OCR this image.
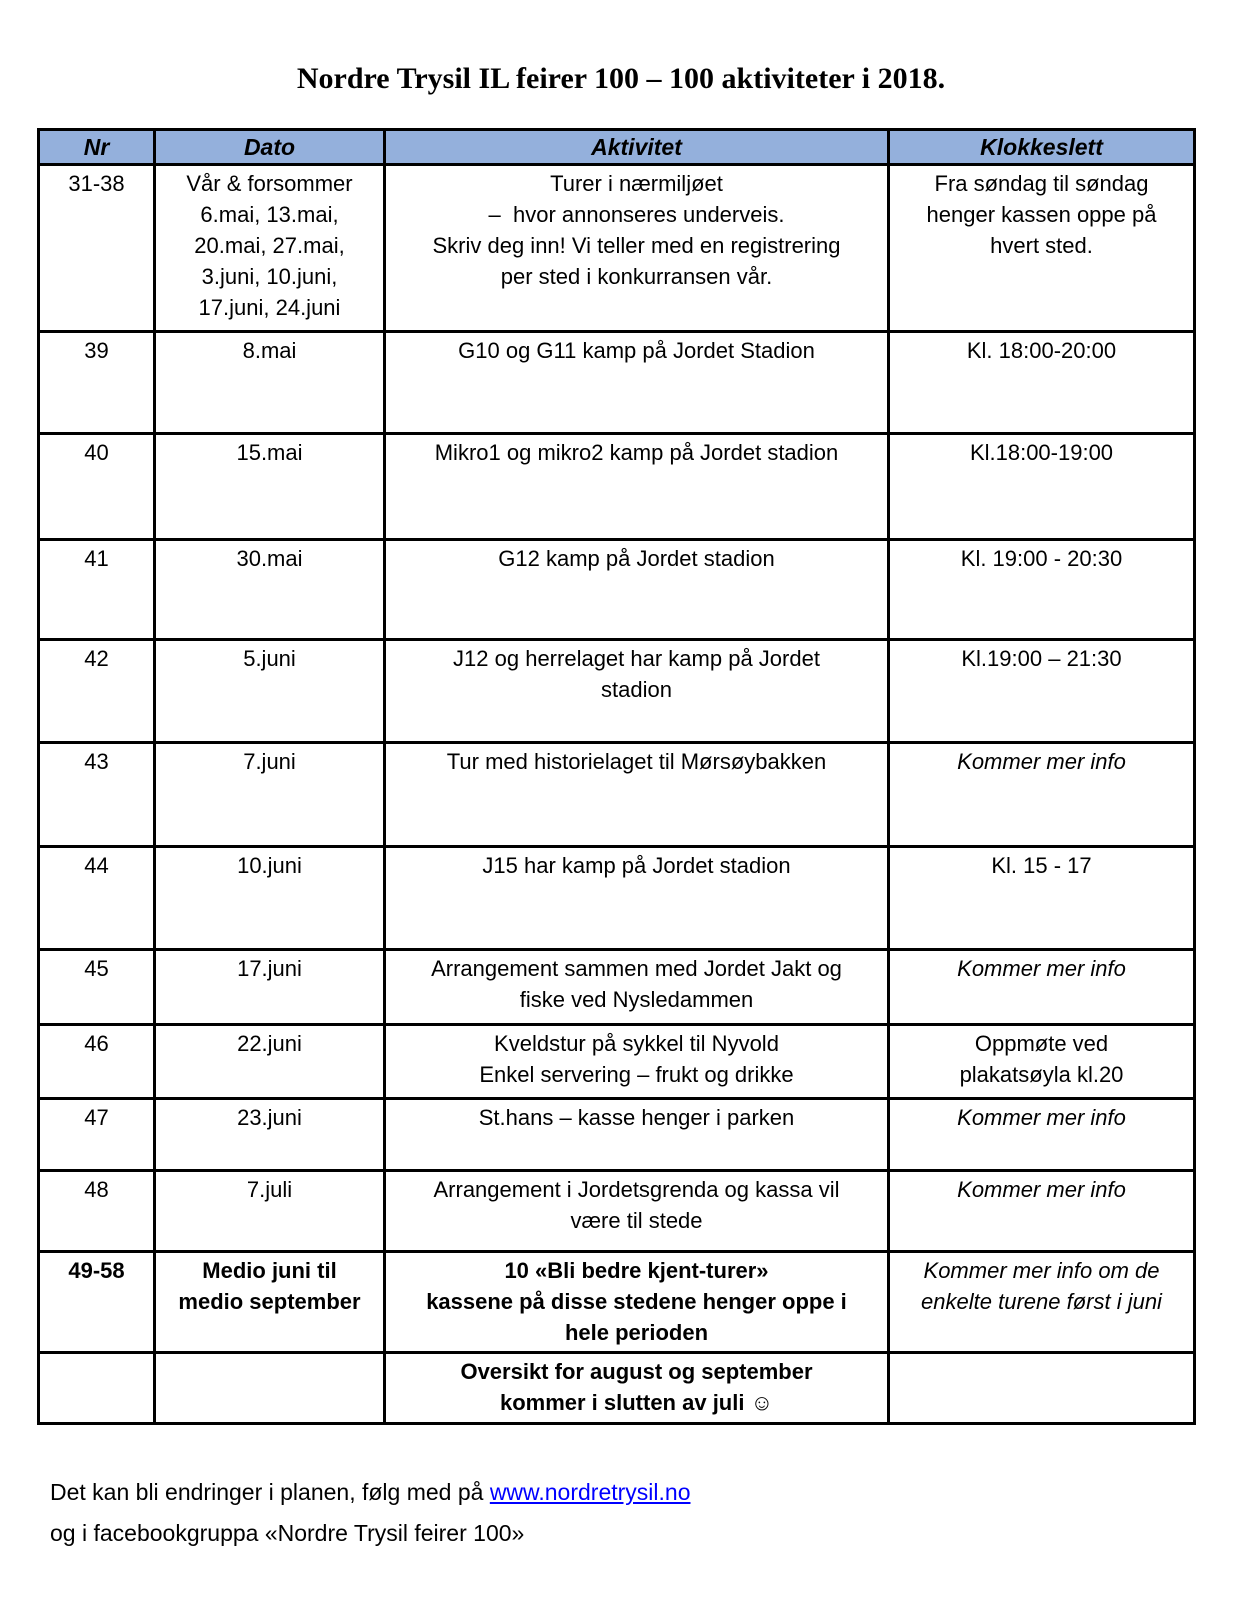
Nordre Trysil IL feirer 100 – 100 aktiviteter i 2018.
Nr	Dato	Aktivitet	Klokkeslett

31-38	Vår & forsommer
6.mai, 13.mai,
20.mai, 27.mai,
3.juni, 10.juni,
17.juni, 24.juni	Turer i nærmiljøet
–  hvor annonseres underveis.
Skriv deg inn! Vi teller med en registrering
per sted i konkurransen vår.	Fra søndag til søndag
henger kassen oppe på
hvert sted.

39	8.mai	G10 og G11 kamp på Jordet Stadion	Kl. 18:00-20:00

40	15.mai	Mikro1 og mikro2 kamp på Jordet stadion	Kl.18:00-19:00

41	30.mai	G12 kamp på Jordet stadion	Kl. 19:00 - 20:30

42	5.juni	J12 og herrelaget har kamp på Jordet
stadion	Kl.19:00 – 21:30

43	7.juni	Tur med historielaget til Mørsøybakken	Kommer mer info

44	10.juni	J15 har kamp på Jordet stadion	Kl. 15 - 17

45	17.juni	Arrangement sammen med Jordet Jakt og
fiske ved Nysledammen	Kommer mer info

46	22.juni	Kveldstur på sykkel til Nyvold
Enkel servering – frukt og drikke	Oppmøte ved
plakatsøyla kl.20

47	23.juni	St.hans – kasse henger i parken	Kommer mer info

48	7.juli	Arrangement i Jordetsgrenda og kassa vil
være til stede	Kommer mer info

49-58	Medio juni til
medio september	10 «Bli bedre kjent-turer»
kassene på disse stedene henger oppe i
hele perioden	Kommer mer info om de
enkelte turene først i juni

		Oversikt for august og september
kommer i slutten av juli ☺	

Det kan bli endringer i planen, følg med på www.nordretrysil.no
og i facebookgruppa «Nordre Trysil feirer 100»
